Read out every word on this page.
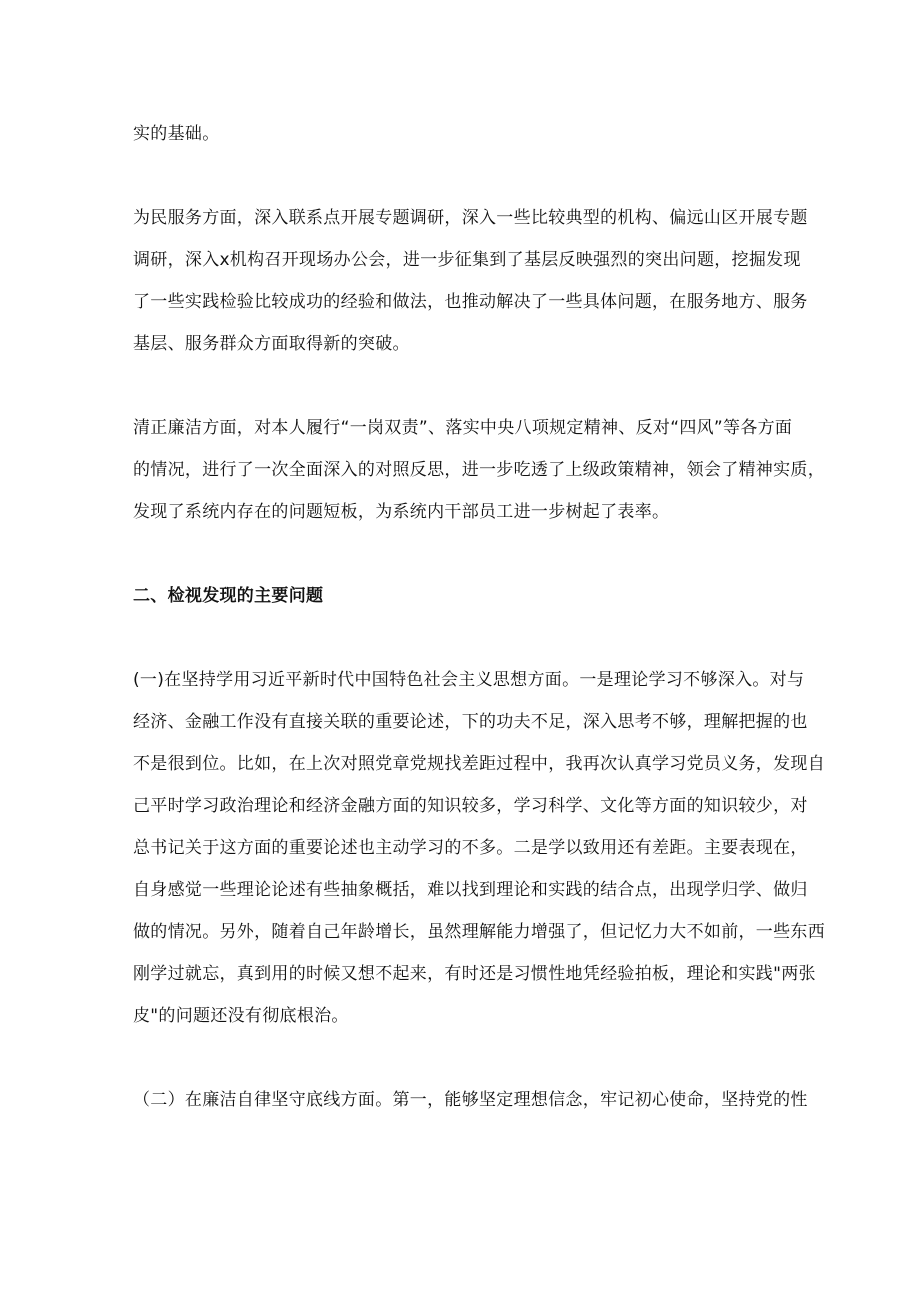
实的基础。
为民服务方面，深入联系点开展专题调研，深入一些比较典型的机构、偏远山区开展专题
调研，深入x机构召开现场办公会，进一步征集到了基层反映强烈的突出问题，挖掘发现
了一些实践检验比较成功的经验和做法，也推动解决了一些具体问题，在服务地方、服务
基层、服务群众方面取得新的突破。
清正廉洁方面，对本人履行“一岗双责”、落实中央八项规定精神、反对“四风”等各方面
的情况，进行了一次全面深入的对照反思，进一步吃透了上级政策精神，领会了精神实质，
发现了系统内存在的问题短板，为系统内干部员工进一步树起了表率。
二、检视发现的主要问题
(一)在坚持学用习近平新时代中国特色社会主义思想方面。一是理论学习不够深入。对与
经济、金融工作没有直接关联的重要论述，下的功夫不足，深入思考不够，理解把握的也
不是很到位。比如，在上次对照党章党规找差距过程中，我再次认真学习党员义务，发现自
己平时学习政治理论和经济金融方面的知识较多，学习科学、文化等方面的知识较少，对
总书记关于这方面的重要论述也主动学习的不多。二是学以致用还有差距。主要表现在，
自身感觉一些理论论述有些抽象概括，难以找到理论和实践的结合点，出现学归学、做归
做的情况。另外，随着自己年龄增长，虽然理解能力增强了，但记忆力大不如前，一些东西
刚学过就忘，真到用的时候又想不起来，有时还是习惯性地凭经验拍板，理论和实践"两张
皮"的问题还没有彻底根治。
（二）在廉洁自律坚守底线方面。第一，能够坚定理想信念，牢记初心使命，坚持党的性
